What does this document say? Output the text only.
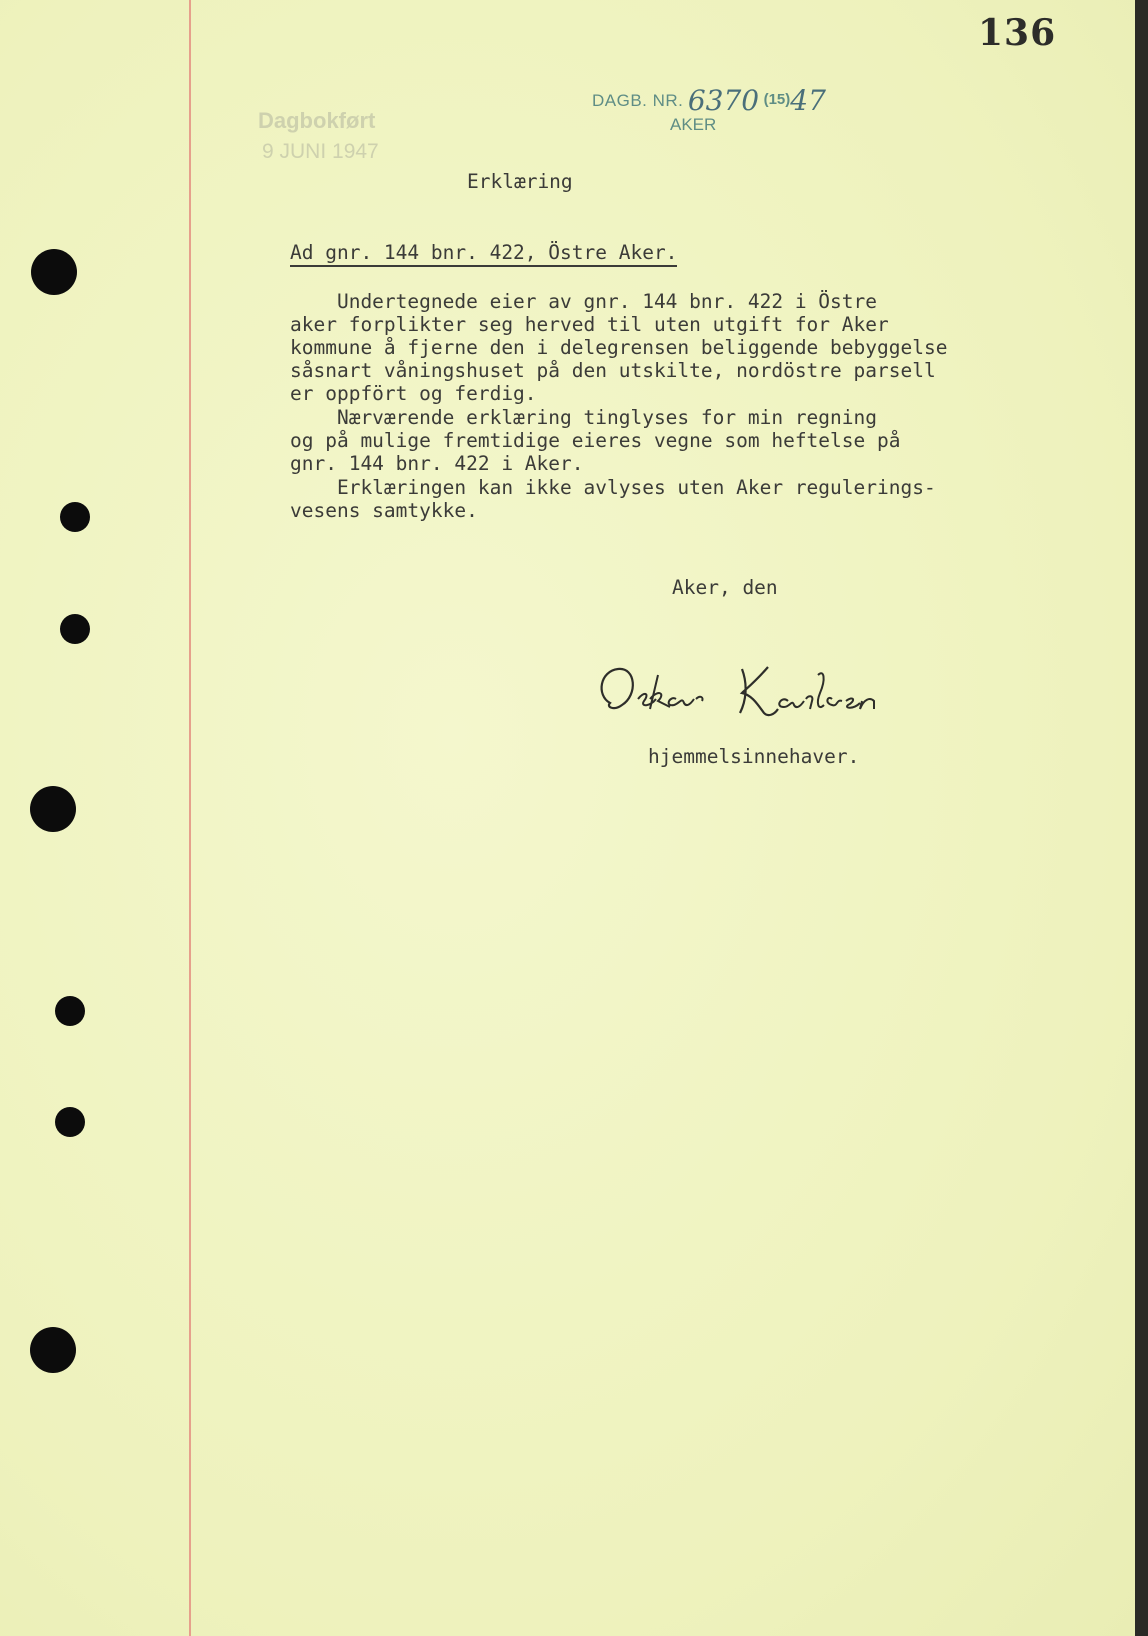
136
DAGB. NR. 6370 (15)47
AKER
Dagbokført
9 JUNI 1947
Erklæring
Ad gnr. 144 bnr. 422, Östre Aker.
Undertegnede eier av gnr. 144 bnr. 422 i Östre
aker forplikter seg herved til uten utgift for Aker
kommune å fjerne den i delegrensen beliggende bebyggelse
såsnart våningshuset på den utskilte, nordöstre parsell
er oppfört og ferdig.
Nærværende erklæring tinglyses for min regning
og på mulige fremtidige eieres vegne som heftelse på
gnr. 144 bnr. 422 i Aker.
Erklæringen kan ikke avlyses uten Aker regulerings-
vesens samtykke.
Aker, den
hjemmelsinnehaver.
